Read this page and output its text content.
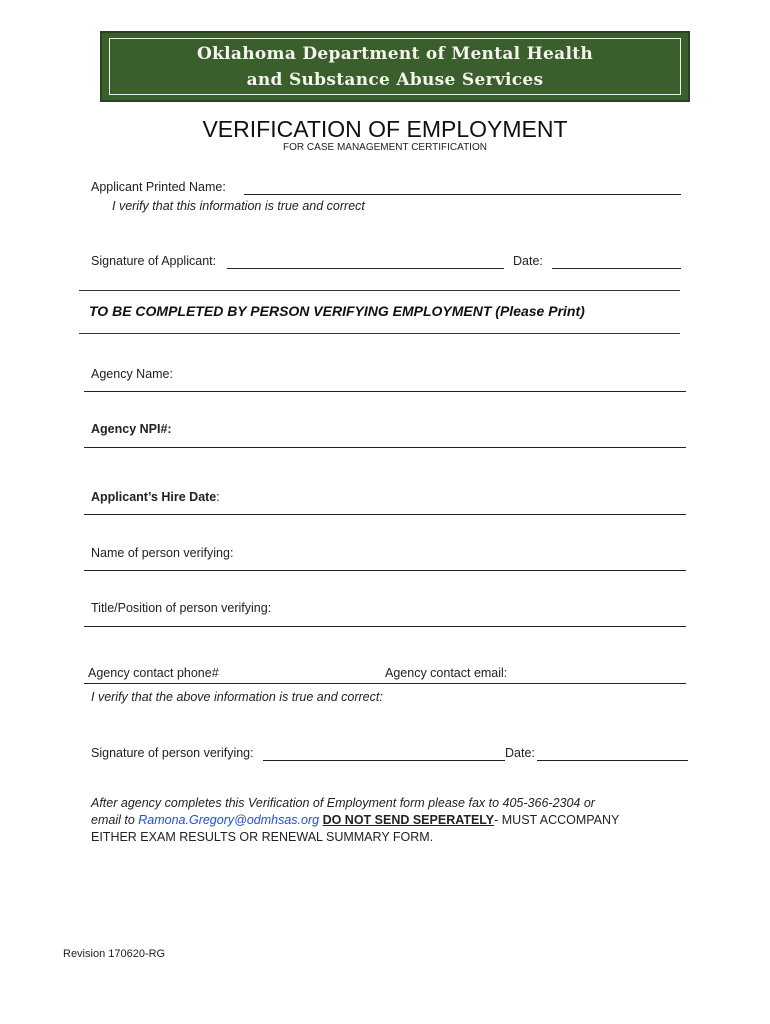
Oklahoma Department of Mental Health
and Substance Abuse Services
VERIFICATION OF EMPLOYMENT
FOR CASE MANAGEMENT CERTIFICATION
Applicant Printed Name:
I verify that this information is true and correct
Signature of Applicant:	Date:
TO BE COMPLETED BY PERSON VERIFYING EMPLOYMENT (Please Print)
Agency Name:
Agency NPI#:
Applicant’s Hire Date:
Name of person verifying:
Title/Position of person verifying:
Agency contact phone#	Agency contact email:
I verify that the above information is true and correct:
Signature of person verifying:	Date:
After agency completes this Verification of Employment form please fax to 405-366-2304 or
email to Ramona.Gregory@odmhsas.org DO NOT SEND SEPERATELY- MUST ACCOMPANY
EITHER EXAM RESULTS OR RENEWAL SUMMARY FORM.
Revision 170620-RG
